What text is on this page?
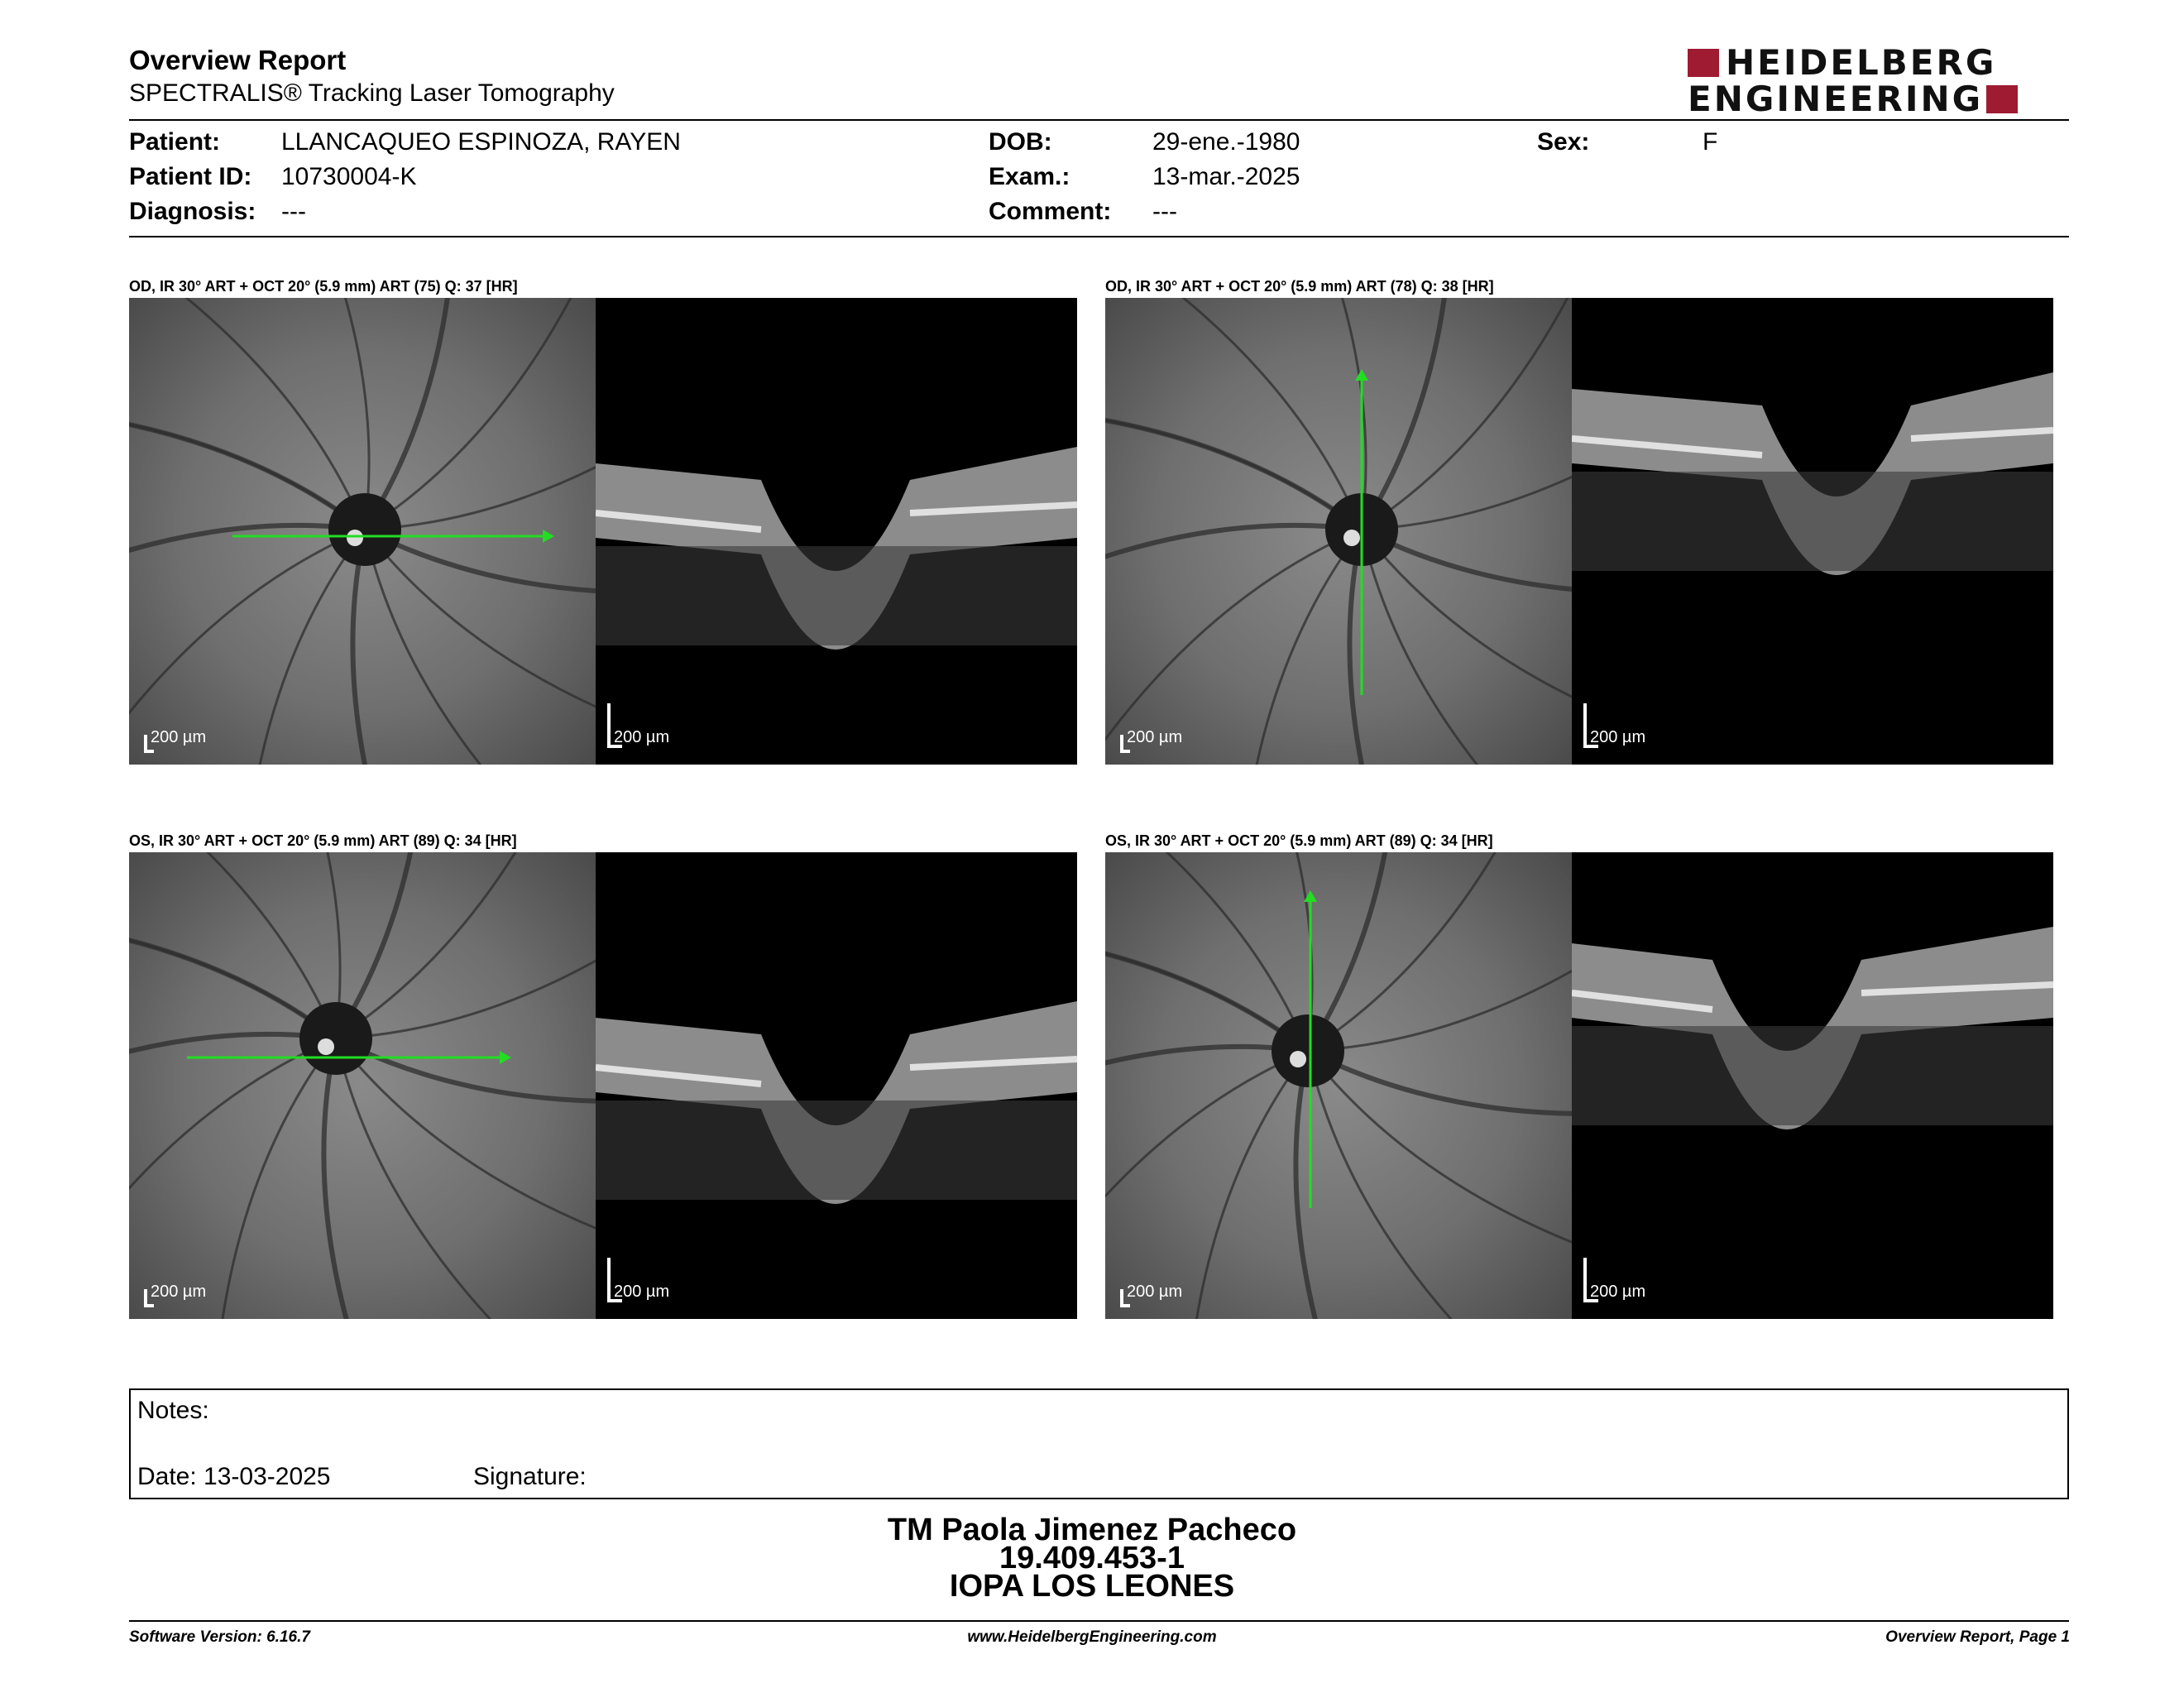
Overview Report
SPECTRALIS® Tracking Laser Tomography
HEIDELBERG
ENGINEERING
Patient: LLANCAQUEO ESPINOZA, RAYEN
Patient ID: 10730004-K
Diagnosis: ---
DOB:	29-ene.-1980
Exam.:	13-mar.-2025
Comment: ---
Sex:	F
OD, IR 30° ART + OCT 20° (5.9 mm) ART (75) Q: 37 [HR]
200 µm	200 µm
OD, IR 30° ART + OCT 20° (5.9 mm) ART (78) Q: 38 [HR]
200 µm	200 µm
OS, IR 30° ART + OCT 20° (5.9 mm) ART (89) Q: 34 [HR]
200 µm	200 µm
OS, IR 30° ART + OCT 20° (5.9 mm) ART (89) Q: 34 [HR]
200 µm	200 µm
Notes:
Date: 13-03-2025	Signature:
TM Paola Jimenez Pacheco
19.409.453-1
IOPA LOS LEONES
Software Version: 6.16.7	www.HeidelbergEngineering.com	Overview Report, Page 1
